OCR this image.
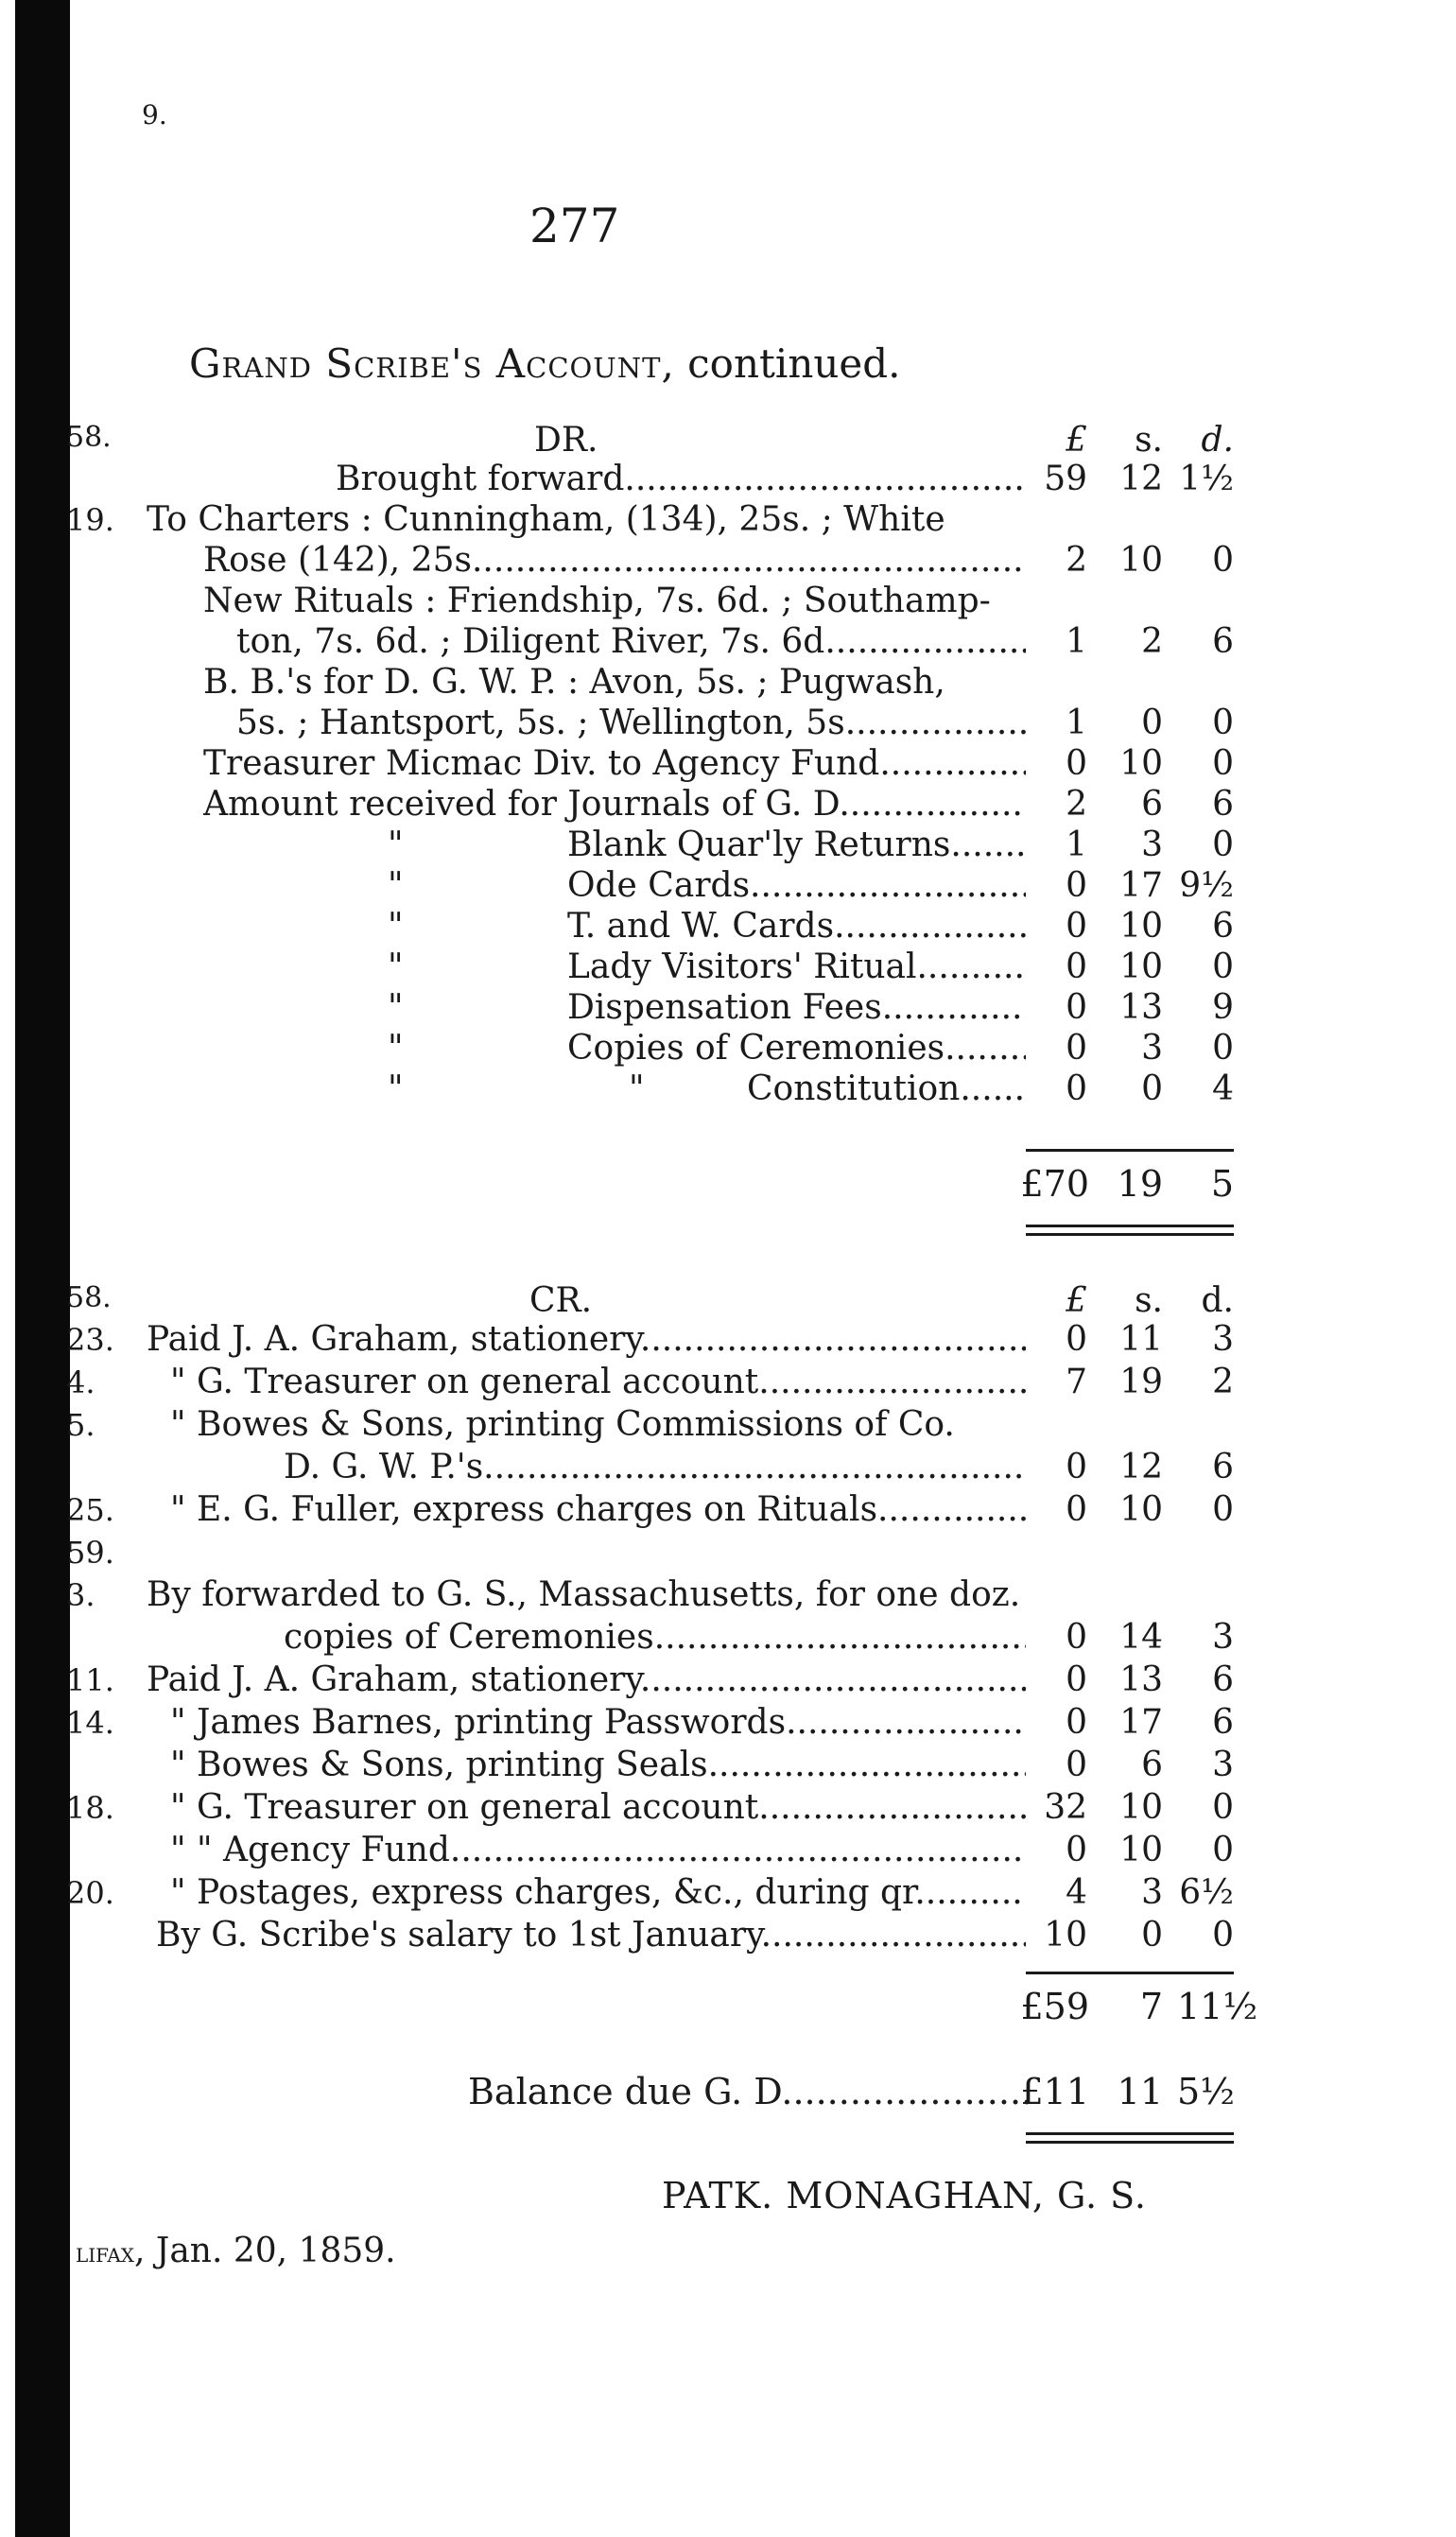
9.
277
Grand Scribe's Account, continued.
58.	DR.	£	s.	d.
Brought forward .....	59 12 1½
19. To Charters : Cunningham, (134), 25s. ; White
Rose (142), 25s .....	2 10	0
New Rituals : Friendship, 7s. 6d. ; Southamp-
ton, 7s. 6d. ; Diligent River, 7s. 6d .....	1	2	6
B. B.'s for D. G. W. P. : Avon, 5s. ; Pugwash,
5s. ; Hantsport, 5s. ; Wellington, 5s .....	1	0	0
Treasurer Micmac Div. to Agency Fund .....	0 10	0
Amount received for Journals of G. D .....	2	6	6
"	Blank Quar'ly Returns .....	1	3	0
"	Ode Cards .....	0 17 9½
"	T. and W. Cards .....	0 10	6
"	Lady Visitors' Ritual .....	0 10	0
"	Dispensation Fees .....	0 13	9
"	Copies of Ceremonies .....	0	3	0
"	"	Constitution .....	0	0	4
£70 19	5
58.	CR.	£	s.	d.
23. Paid J. A. Graham, stationery .....	0 11	3
4.	" G. Treasurer on general account .....	7 19	2
5.	" Bowes & Sons, printing Commissions of Co.
D. G. W. P.'s .....	0 12	6
25. " E. G. Fuller, express charges on Rituals .....	0 10	0
59.
3.	By forwarded to G. S., Massachusetts, for one doz.
copies of Ceremonies .....	0 14	3
11. Paid J. A. Graham, stationery .....	0 13	6
14. " James Barnes, printing Passwords .....	0 17	6
" Bowes & Sons, printing Seals .....	0	6	3
18. " G. Treasurer on general account .....	32 10	0
" " Agency Fund .....	0 10	0
20. " Postages, express charges, &c., during qr .....	4	3 6½
By G. Scribe's salary to 1st January .....	10	0	0
£59	7 11½
Balance due G. D .....	£11 11 5½
PATK. MONAGHAN, G. S.
lifax, Jan. 20, 1859.
